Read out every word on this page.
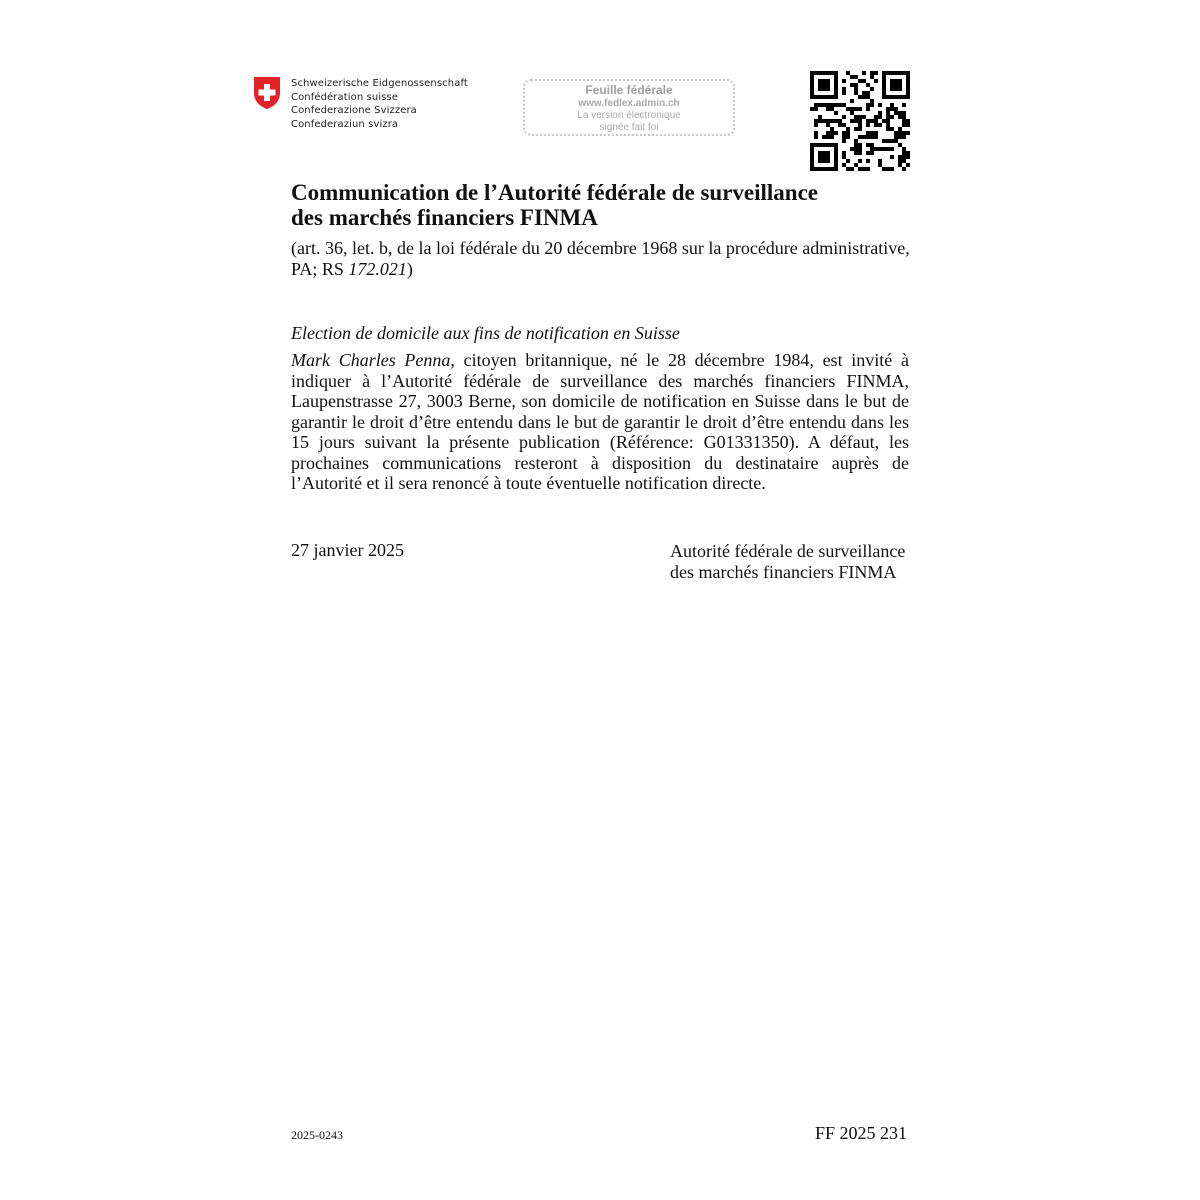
Schweizerische Eidgenossenschaft
Confédération suisse
Confederazione Svizzera
Confederaziun svizra
Feuille fédérale
www.fedlex.admin.ch
La version électronique
signée fait foi
Communication de l’Autorité fédérale de surveillance
des marchés financiers FINMA
(art. 36, let. b, de la loi fédérale du 20 décembre 1968 sur la procédure administrative, PA; RS 172.021)
Election de domicile aux fins de notification en Suisse
Mark Charles Penna, citoyen britannique, né le 28 décembre 1984, est invité à indiquer à l’Autorité fédérale de surveillance des marchés financiers FINMA, Laupenstrasse 27, 3003 Berne, son domicile de notification en Suisse dans le but de garantir le droit d’être entendu dans le but de garantir le droit d’être entendu dans les 15 jours suivant la présente publication (Référence: G01331350). A défaut, les prochaines communications resteront à disposition du destinataire auprès de l’Autorité et il sera renoncé à toute éventuelle notification directe.
27 janvier 2025	Autorité fédérale de surveillance
des marchés financiers FINMA
2025-0243	FF 2025 231
